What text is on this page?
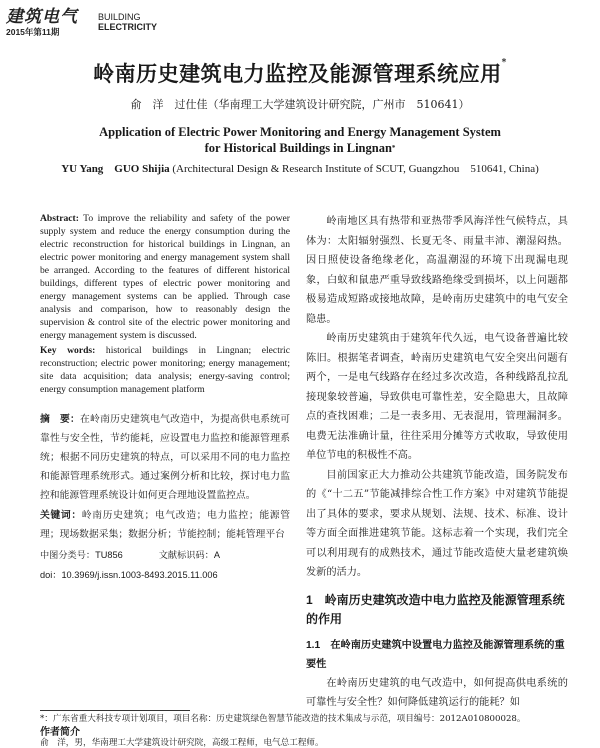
建筑电气 BUILDING
ELECTRICITY
2015年第11期
岭南历史建筑电力监控及能源管理系统应用*
俞　洋　过仕佳（华南理工大学建筑设计研究院，广州市　510641）
Application of Electric Power Monitoring and Energy Management System
for Historical Buildings in Lingnan*
YU Yang　GUO Shijia (Architectural Design & Research Institute of SCUT, Guangzhou　510641, China)
Abstract: To improve the reliability and safety of the power supply system and reduce the energy consumption during the electric reconstruction for historical buildings in Lingnan, an electric power monitoring and energy management system shall be arranged. According to the features of different historical buildings, different types of electric power monitoring and energy management systems can be applied. Through case analysis and comparison, how to reasonably design the supervision & control site of the electric power monitoring and energy management system is discussed.
Key words: historical buildings in Lingnan; electric reconstruction; electric power monitoring; energy management; site data acquisition; data analysis; energy-saving control; energy consumption management platform
摘　要：在岭南历史建筑电气改造中，为提高供电系统可靠性与安全性，节约能耗，应设置电力监控和能源管理系统；根据不同历史建筑的特点，可以采用不同的电力监控和能源管理系统形式。通过案例分析和比较，探讨电力监控和能源管理系统设计如何更合理地设置监控点。
关键词：岭南历史建筑；电气改造；电力监控；能源管理；现场数据采集；数据分析；节能控制；能耗管理平台
中图分类号：TU856	文献标识码：A
doi：10.3969/j.issn.1003-8493.2015.11.006

岭南地区具有热带和亚热带季风海洋性气候特点，具体为：太阳辐射强烈、长夏无冬、雨量丰沛、潮湿闷热。因日照使设备绝缘老化，高温潮湿的环境下出现漏电现象，白蚁和鼠患严重导致线路绝缘受到损坏，以上问题都极易造成短路或接地故障，是岭南历史建筑中的电气安全隐患。

岭南历史建筑由于建筑年代久远，电气设备普遍比较陈旧。根据笔者调查，岭南历史建筑电气安全突出问题有两个，一是电气线路存在经过多次改造，各种线路乱拉乱接现象较普遍，导致供电可靠性差，安全隐患大，且故障点的查找困难；二是一表多用、无表混用，管理漏洞多。电费无法准确计量，往往采用分摊等方式收取，导致使用单位节电的积极性不高。

目前国家正大力推动公共建筑节能改造，国务院发布的《“十二五”节能减排综合性工作方案》中对建筑节能提出了具体的要求，要求从规划、法规、技术、标准、设计等方面全面推进建筑节能。这标志着一个实现，我们完全可以利用现有的成熟技术，通过节能改造使大量老建筑焕发新的活力。

1　岭南历史建筑改造中电力监控及能源管理系统的作用
1.1　在岭南历史建筑中设置电力监控及能源管理系统的重要性

在岭南历史建筑的电气改造中，如何提高供电系统的可靠性与安全性？如何降低建筑运行的能耗？如

*：广东省重大科技专项计划项目，项目名称：历史建筑绿色智慧节能改造的技术集成与示范，项目编号：2012A010800028。
作者简介
俞　洋，男，华南理工大学建筑设计研究院，高级工程师，电气总工程师。
